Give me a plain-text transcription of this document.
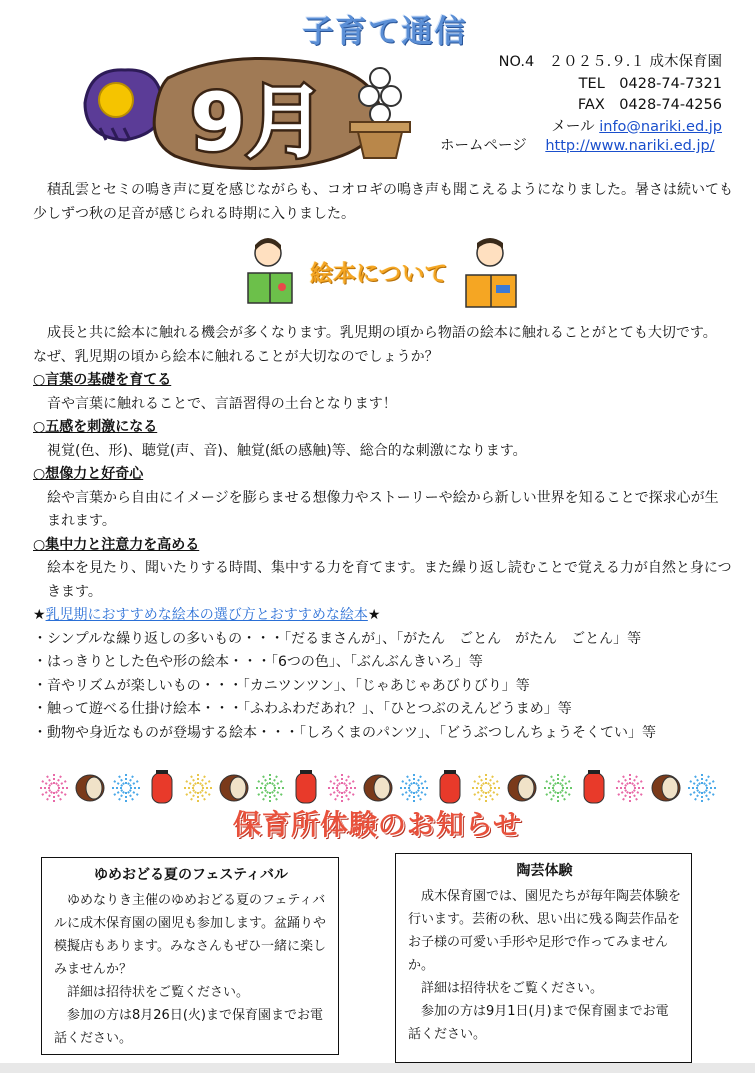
子育て通信
9月
NO.4　２０２５.９.１ 成木保育園
TEL　0428-74-7321
FAX　0428-74-4256
メール info@nariki.ed.jp
ホームページ http://www.nariki.ed.jp/
積乱雲とセミの鳴き声に夏を感じながらも、コオロギの鳴き声も聞こえるようになりました。暑さは続いても
少しずつ秋の足音が感じられる時期に入りました。
絵本について
成長と共に絵本に触れる機会が多くなります。乳児期の頃から物語の絵本に触れることがとても大切です。
なぜ、乳児期の頃から絵本に触れることが大切なのでしょうか？
○言葉の基礎を育てる
音や言葉に触れることで、言語習得の土台となります！
○五感を刺激になる
視覚(色、形)、聴覚(声、音)、触覚(紙の感触)等、総合的な刺激になります。
○想像力と好奇心
絵や言葉から自由にイメージを膨らませる想像力やストーリーや絵から新しい世界を知ることで探求心が生
まれます。
○集中力と注意力を高める
絵本を見たり、聞いたりする時間、集中する力を育てます。また繰り返し読むことで覚える力が自然と身につ
きます。
★乳児期におすすめな絵本の選び方とおすすめな絵本★
・シンプルな繰り返しの多いもの・・・「だるまさんが」、「がたん　ごとん　がたん　ごとん」等
・はっきりとした色や形の絵本・・・「6つの色」、「ぶんぶんきいろ」等
・音やリズムが楽しいもの・・・「カニツンツン」、「じゃあじゃあびりびり」等
・触って遊べる仕掛け絵本・・・「ふわふわだあれ？」、「ひとつぶのえんどうまめ」等
・動物や身近なものが登場する絵本・・・「しろくまのパンツ」、「どうぶつしんちょうそくてい」等
保育所体験のお知らせ
ゆめおどる夏のフェスティバル

ゆめなりき主催のゆめおどる夏のフェティバルに成木保育園の園児も参加します。盆踊りや模擬店もあります。みなさんもぜひ一緒に楽しみませんか？

詳細は招待状をご覧ください。

参加の方は8月26日(火)まで保育園までお電話ください。

陶芸体験

成木保育園では、園児たちが毎年陶芸体験を行います。芸術の秋、思い出に残る陶芸作品をお子様の可愛い手形や足形で作ってみませんか。

詳細は招待状をご覧ください。

参加の方は9月1日(月)まで保育園までお電話ください。
